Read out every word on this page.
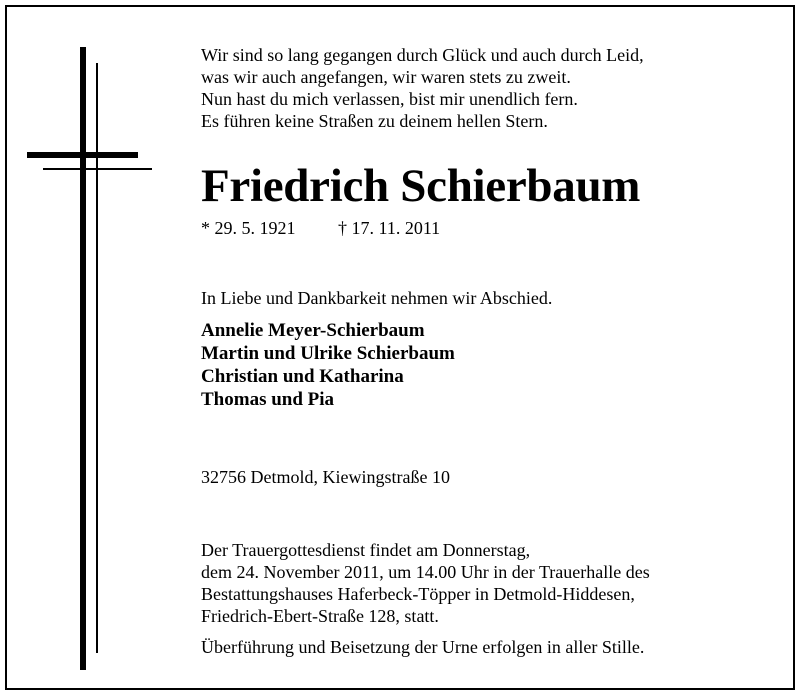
Wir sind so lang gegangen durch Glück und auch durch Leid,
was wir auch angefangen, wir waren stets zu zweit.
Nun hast du mich verlassen, bist mir unendlich fern.
Es führen keine Straßen zu deinem hellen Stern.
Friedrich Schierbaum
* 29. 5. 1921 † 17. 11. 2011
In Liebe und Dankbarkeit nehmen wir Abschied.
Annelie Meyer-Schierbaum
Martin und Ulrike Schierbaum
Christian und Katharina
Thomas und Pia
32756 Detmold, Kiewingstraße 10
Der Trauergottesdienst findet am Donnerstag,
dem 24. November 2011, um 14.00 Uhr in der Trauerhalle des
Bestattungshauses Haferbeck-Töpper in Detmold-Hiddesen,
Friedrich-Ebert-Straße 128, statt.
Überführung und Beisetzung der Urne erfolgen in aller Stille.
